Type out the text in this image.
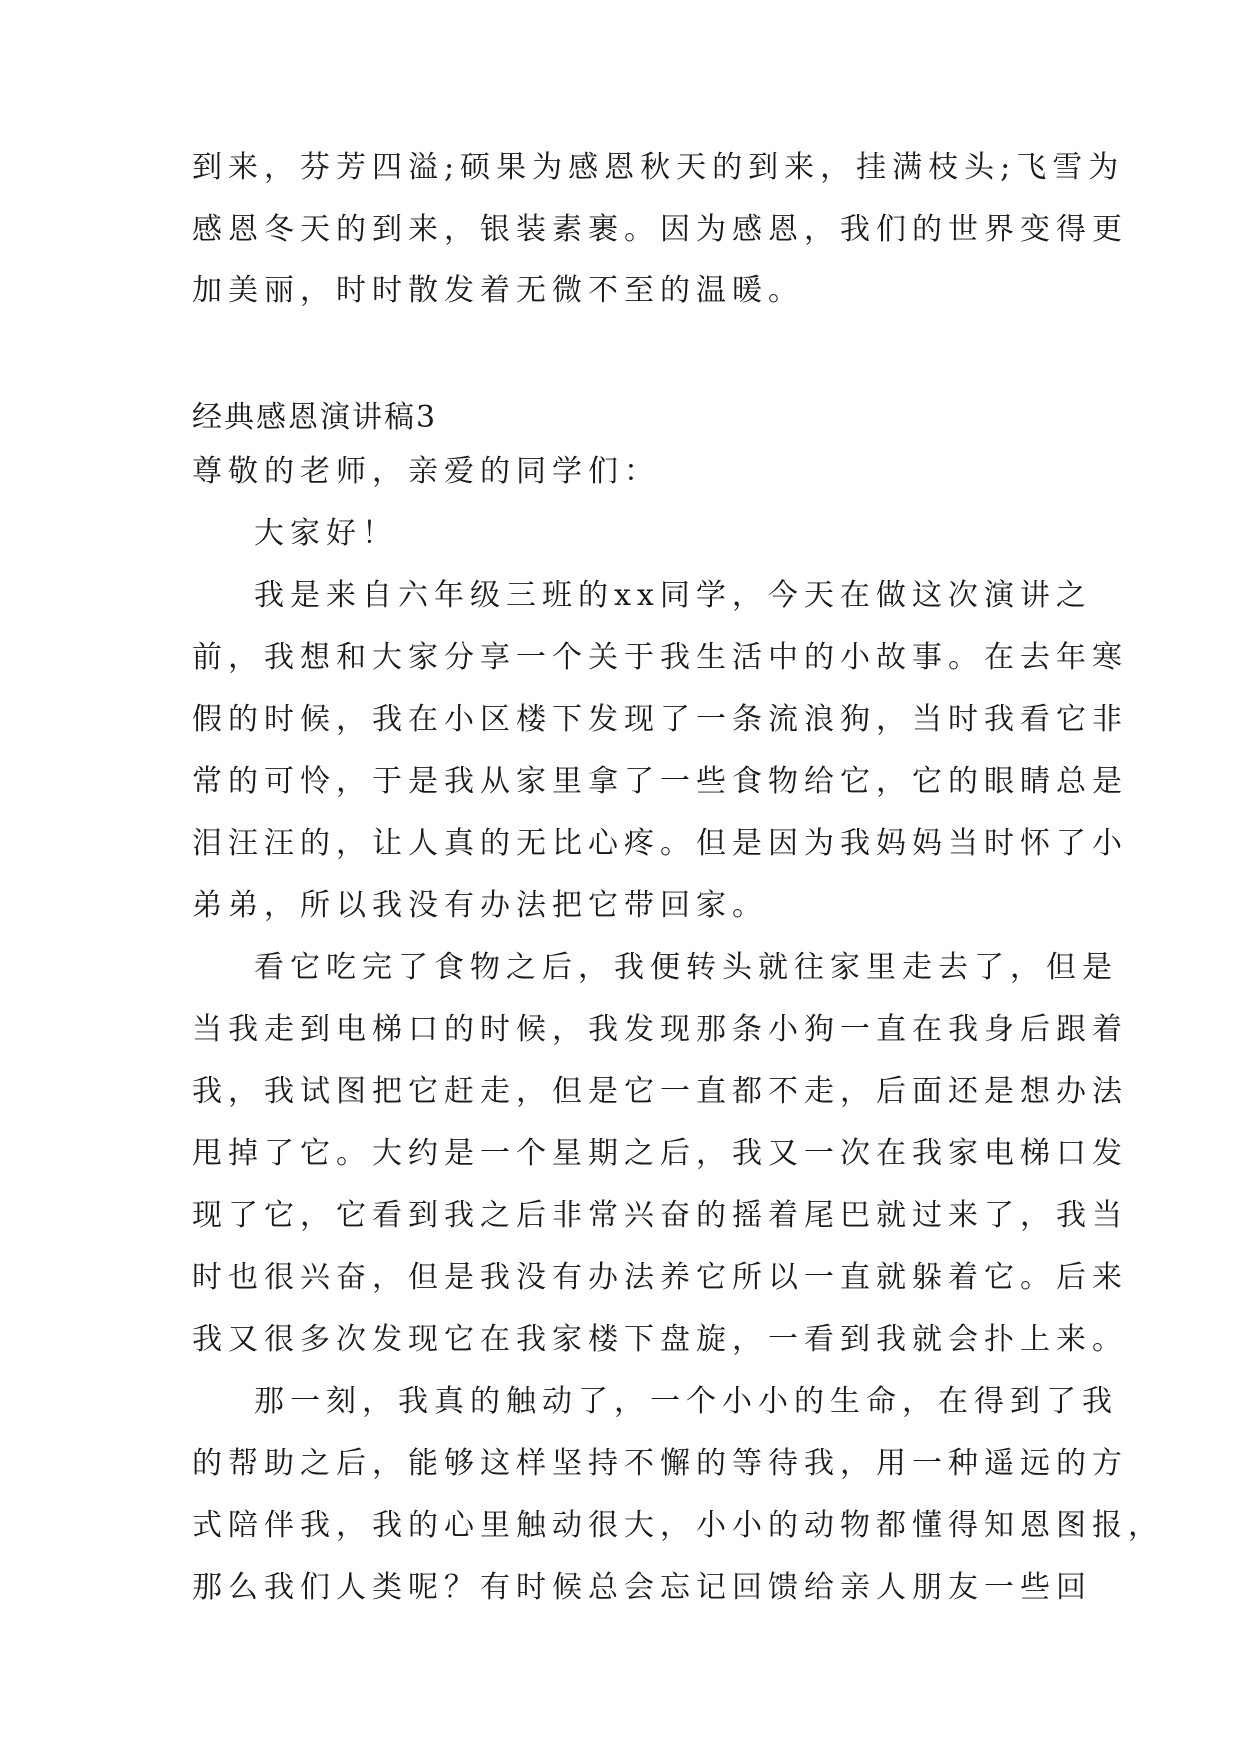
到来，芬芳四溢;硕果为感恩秋天的到来，挂满枝头;飞雪为
感恩冬天的到来，银装素裹。因为感恩，我们的世界变得更
加美丽，时时散发着无微不至的温暖。
经典感恩演讲稿3
尊敬的老师，亲爱的同学们：
大家好！
我是来自六年级三班的xx同学，今天在做这次演讲之
前，我想和大家分享一个关于我生活中的小故事。在去年寒
假的时候，我在小区楼下发现了一条流浪狗，当时我看它非
常的可怜，于是我从家里拿了一些食物给它，它的眼睛总是
泪汪汪的，让人真的无比心疼。但是因为我妈妈当时怀了小
弟弟，所以我没有办法把它带回家。
看它吃完了食物之后，我便转头就往家里走去了，但是
当我走到电梯口的时候，我发现那条小狗一直在我身后跟着
我，我试图把它赶走，但是它一直都不走，后面还是想办法
甩掉了它。大约是一个星期之后，我又一次在我家电梯口发
现了它，它看到我之后非常兴奋的摇着尾巴就过来了，我当
时也很兴奋，但是我没有办法养它所以一直就躲着它。后来
我又很多次发现它在我家楼下盘旋，一看到我就会扑上来。
那一刻，我真的触动了，一个小小的生命，在得到了我
的帮助之后，能够这样坚持不懈的等待我，用一种遥远的方
式陪伴我，我的心里触动很大，小小的动物都懂得知恩图报，
那么我们人类呢？有时候总会忘记回馈给亲人朋友一些回
